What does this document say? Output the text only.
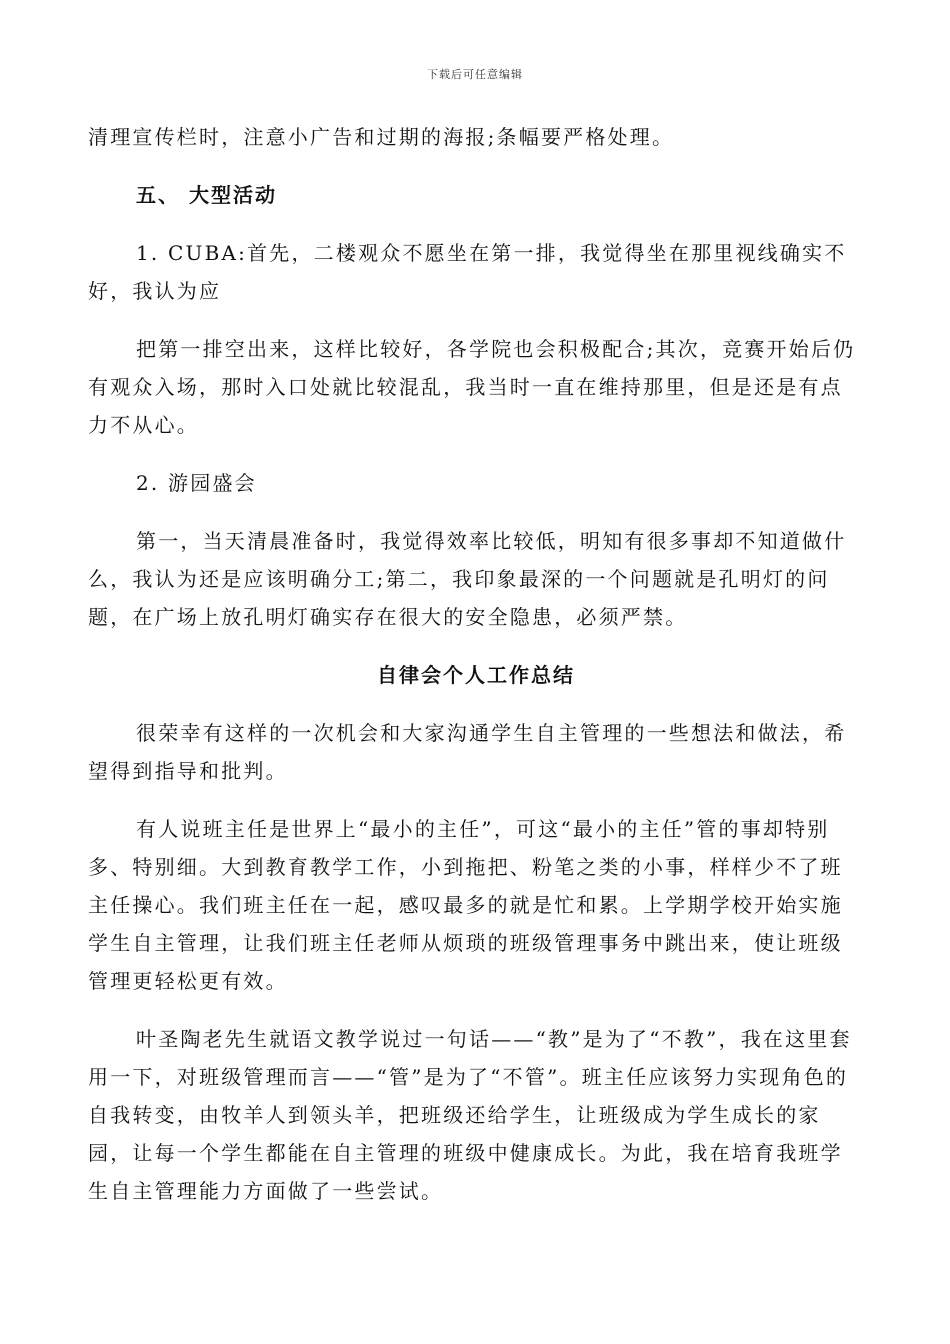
下载后可任意编辑

清理宣传栏时，注意小广告和过期的海报;条幅要严格处理。

五、 大型活动

1. CUBA:首先，二楼观众不愿坐在第一排，我觉得坐在那里视线确实不好，我认为应

把第一排空出来，这样比较好，各学院也会积极配合;其次，竞赛开始后仍有观众入场，那时入口处就比较混乱，我当时一直在维持那里，但是还是有点力不从心。

2. 游园盛会

第一，当天清晨准备时，我觉得效率比较低，明知有很多事却不知道做什么，我认为还是应该明确分工;第二，我印象最深的一个问题就是孔明灯的问题，在广场上放孔明灯确实存在很大的安全隐患，必须严禁。

自律会个人工作总结

很荣幸有这样的一次机会和大家沟通学生自主管理的一些想法和做法，希望得到指导和批判。

有人说班主任是世界上“最小的主任”，可这“最小的主任”管的事却特别多、特别细。大到教育教学工作，小到拖把、粉笔之类的小事，样样少不了班主任操心。我们班主任在一起，感叹最多的就是忙和累。上学期学校开始实施学生自主管理，让我们班主任老师从烦琐的班级管理事务中跳出来，使让班级管理更轻松更有效。

叶圣陶老先生就语文教学说过一句话——“教”是为了“不教”，我在这里套用一下，对班级管理而言——“管”是为了“不管”。班主任应该努力实现角色的自我转变，由牧羊人到领头羊，把班级还给学生，让班级成为学生成长的家园，让每一个学生都能在自主管理的班级中健康成长。为此，我在培育我班学生自主管理能力方面做了一些尝试。
